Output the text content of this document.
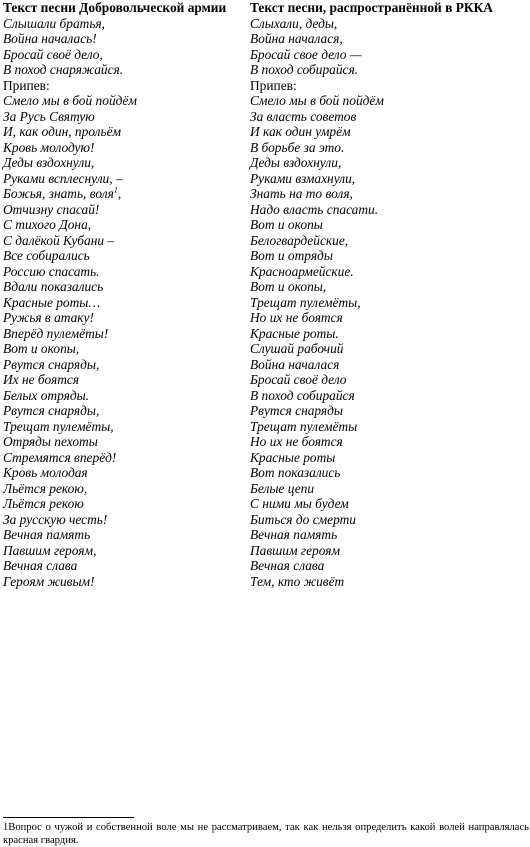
Текст песни Добровольческой армии
Слышали братья,
Война началась!
Бросай своё дело,
В поход снаряжайся.
Припев:
Смело мы в бой пойдём
За Русь Святую
И, как один, прольём
Кровь молодую!
Деды вздохнули,
Руками всплеснули, –
Божья, знать, воля$^1$,
Отчизну спасай!
С тихого Дона,
С далёкой Кубани –
Все собирались
Россию спасать.
Вдали показались
Красные роты…
Ружья в атаку!
Вперёд пулемёты!
Вот и окопы,
Рвутся снаряды,
Их не боятся
Белых отряды.
Рвутся снаряды,
Трещат пулемёты,
Отряды пехоты
Стремятся вперёд!
Кровь молодая
Льётся рекою,
Льётся рекою
За русскую честь!
Вечная память
Павшим героям,
Вечная слава
Героям живым!
Текст песни, распространённой в РККА
Слыхали, деды,
Война началася,
Бросай свое дело —
В поход собирайся.
Припев:
Смело мы в бой пойдём
За власть советов
И как один умрём
В борьбе за это.
Деды вздохнули,
Руками взмахнули,
Знать на то воля,
Надо власть спасати.
Вот и окопы
Белогвардейские,
Вот и отряды
Красноармейские.
Вот и окопы,
Трещат пулемёты,
Но их не боятся
Красные роты.
Слушай рабочий
Война началася
Бросай своё дело
В поход собирайся
Рвутся снаряды
Трещат пулемёты
Но их не боятся
Красные роты
Вот показались
Белые цепи
С ними мы будем
Биться до смерти
Вечная память
Павшим героям
Вечная слава
Тем, кто живёт
1Вопрос о чужой и собственной воле мы не рассматриваем, так как нельзя определить какой волей направлялась красная гвардия.
